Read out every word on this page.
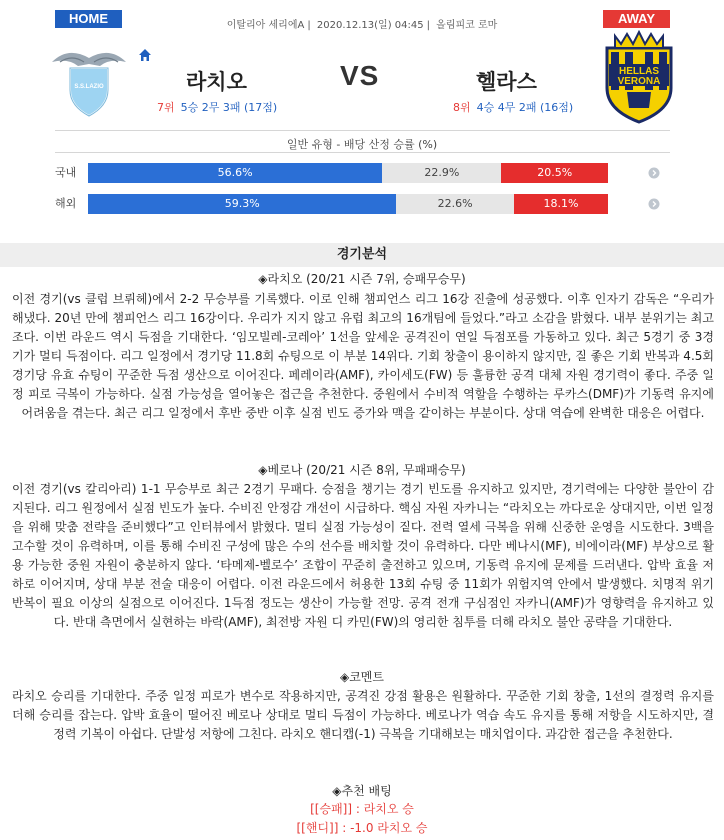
HOME	AWAY
이탈리아 세리에A | 2020.12.13(일) 04:45 | 올림피코 로마
S.S.LAZIO
HELLAS
VERONA
라치오	VS	헬라스
7위 5승 2무 3패 (17점)	8위 4승 4무 2패 (16점)
일반 유형 - 배당 산정 승률 (%)
국내	56.6%	22.9%	20.5%
해외	59.3%	22.6%	18.1%
경기분석
◈라치오 (20/21 시즌 7위, 승패무승무)
이전 경기(vs 클럽 브뤼헤)에서 2-2 무승부를 기록했다. 이로 인해 챔피언스 리그 16강 진출에 성공했다. 이후 인자기 감독은 “우리가 해냈다. 20년 만에 챔피언스 리그 16강이다. 우리가 지지 않고 유럽 최고의 16개팀에 들었다.”라고 소감을 밝혔다. 내부 분위기는 최고조다. 이번 라운드 역시 득점을 기대한다. ‘임모빌레-코레아’ 1선을 앞세운 공격진이 연일 득점포를 가동하고 있다. 최근 5경기 중 3경기가 멀티 득점이다. 리그 일정에서 경기당 11.8회 슈팅으로 이 부분 14위다. 기회 창출이 용이하지 않지만, 질 좋은 기회 반복과 4.5회 경기당 유효 슈팅이 꾸준한 득점 생산으로 이어진다. 페레이라(AMF), 카이세도(FW) 등 훌륭한 공격 대체 자원 경기력이 좋다. 주중 일정 피로 극복이 가능하다. 실점 가능성을 열어놓은 접근을 추천한다. 중원에서 수비적 역할을 수행하는 루카스(DMF)가 기동력 유지에 어려움을 겪는다. 최근 리그 일정에서 후반 중반 이후 실점 빈도 증가와 맥을 같이하는 부분이다. 상대 역습에 완벽한 대응은 어렵다.
◈베로나 (20/21 시즌 8위, 무패패승무)
이전 경기(vs 칼리아리) 1-1 무승부로 최근 2경기 무패다. 승점을 챙기는 경기 빈도를 유지하고 있지만, 경기력에는 다양한 불안이 감지된다. 리그 원정에서 실점 빈도가 높다. 수비진 안정감 개선이 시급하다. 핵심 자원 자카니는 “라치오는 까다로운 상대지만, 이번 일정을 위해 맞춤 전략을 준비했다”고 인터뷰에서 밝혔다. 멀티 실점 가능성이 짙다. 전력 열세 극복을 위해 신중한 운영을 시도한다. 3백을 고수할 것이 유력하며, 이를 통해 수비진 구성에 많은 수의 선수를 배치할 것이 유력하다. 다만 베나시(MF), 비에이라(MF) 부상으로 활용 가능한 중원 자원이 충분하지 않다. ‘타메제-벨로수’ 조합이 꾸준히 출전하고 있으며, 기동력 유지에 문제를 드러낸다. 압박 효율 저하로 이어지며, 상대 부분 전술 대응이 어렵다. 이전 라운드에서 허용한 13회 슈팅 중 11회가 위험지역 안에서 발생했다. 치명적 위기 반복이 필요 이상의 실점으로 이어진다. 1득점 정도는 생산이 가능할 전망. 공격 전개 구심점인 자카니(AMF)가 영향력을 유지하고 있다. 반대 측면에서 실현하는 바락(AMF), 최전방 자원 디 카민(FW)의 영리한 침투를 더해 라치오 불안 공략을 기대한다.
◈코멘트
라치오 승리를 기대한다. 주중 일정 피로가 변수로 작용하지만, 공격진 강점 활용은 원활하다. 꾸준한 기회 창출, 1선의 결정력 유지를 더해 승리를 잡는다. 압박 효율이 떨어진 베로나 상대로 멀티 득점이 가능하다. 베로나가 역습 속도 유지를 통해 저항을 시도하지만, 결정력 기복이 아쉽다. 단발성 저항에 그친다. 라치오 핸디캡(-1) 극복을 기대해보는 매치업이다. 과감한 접근을 추천한다.
◈추천 배팅
[[승패]] : 라치오 승
[[핸디]] : -1.0 라치오 승
